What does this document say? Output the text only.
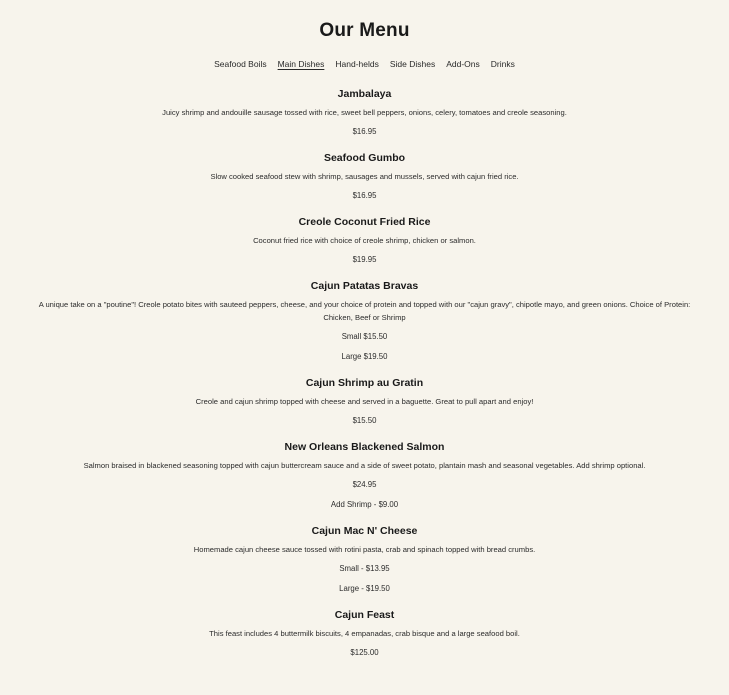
Our Menu
Seafood Boils Main Dishes Hand-helds Side Dishes Add-Ons Drinks
Jambalaya
Juicy shrimp and andouille sausage tossed with rice, sweet bell peppers, onions, celery, tomatoes and creole seasoning.
$16.95
Seafood Gumbo
Slow cooked seafood stew with shrimp, sausages and mussels, served with cajun fried rice.
$16.95
Creole Coconut Fried Rice
Coconut fried rice with choice of creole shrimp, chicken or salmon.
$19.95
Cajun Patatas Bravas
A unique take on a "poutine"! Creole potato bites with sauteed peppers, cheese, and your choice of protein and topped with our "cajun gravy", chipotle mayo, and green onions. Choice of Protein: Chicken, Beef or Shrimp
Small $15.50
Large $19.50
Cajun Shrimp au Gratin
Creole and cajun shrimp topped with cheese and served in a baguette. Great to pull apart and enjoy!
$15.50
New Orleans Blackened Salmon
Salmon braised in blackened seasoning topped with cajun buttercream sauce and a side of sweet potato, plantain mash and seasonal vegetables. Add shrimp optional.
$24.95
Add Shrimp - $9.00
Cajun Mac N' Cheese
Homemade cajun cheese sauce tossed with rotini pasta, crab and spinach topped with bread crumbs.
Small - $13.95
Large - $19.50
Cajun Feast
This feast includes 4 buttermilk biscuits, 4 empanadas, crab bisque and a large seafood boil.
$125.00
